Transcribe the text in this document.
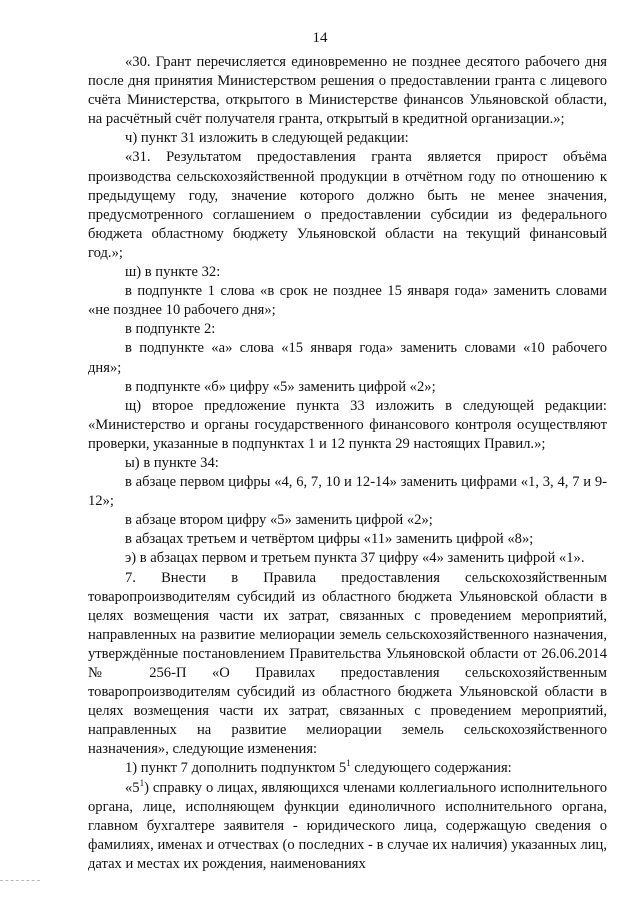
14

«30. Грант перечисляется единовременно не позднее десятого рабочего дня после дня принятия Министерством решения о предоставлении гранта с лицевого счёта Министерства, открытого в Министерстве финансов Ульяновской области, на расчётный счёт получателя гранта, открытый в кредитной организации.»;

ч) пункт 31 изложить в следующей редакции:

«31. Результатом предоставления гранта является прирост объёма производства сельскохозяйственной продукции в отчётном году по отношению к предыдущему году, значение которого должно быть не менее значения, предусмотренного соглашением о предоставлении субсидии из федерального бюджета областному бюджету Ульяновской области на текущий финансовый год.»;

ш) в пункте 32:

в подпункте 1 слова «в срок не позднее 15 января года» заменить словами «не позднее 10 рабочего дня»;

в подпункте 2:

в подпункте «а» слова «15 января года» заменить словами «10 рабочего дня»;

в подпункте «б» цифру «5» заменить цифрой «2»;

щ) второе предложение пункта 33 изложить в следующей редакции: «Министерство и органы государственного финансового контроля осуществляют проверки, указанные в подпунктах 1 и 12 пункта 29 настоящих Правил.»;

ы) в пункте 34:

в абзаце первом цифры «4, 6, 7, 10 и 12-14» заменить цифрами «1, 3, 4, 7 и 9-12»;

в абзаце втором цифру «5» заменить цифрой «2»;

в абзацах третьем и четвёртом цифры «11» заменить цифрой «8»;

э) в абзацах первом и третьем пункта 37 цифру «4» заменить цифрой «1».

7. Внести в Правила предоставления сельскохозяйственным товаропроизводителям субсидий из областного бюджета Ульяновской области в целях возмещения части их затрат, связанных с проведением мероприятий, направленных на развитие мелиорации земель сельскохозяйственного назначения, утверждённые постановлением Правительства Ульяновской области от 26.06.2014 № 256-П «О Правилах предоставления сельскохозяйственным товаропроизводителям субсидий из областного бюджета Ульяновской области в целях возмещения части их затрат, связанных с проведением мероприятий, направленных на развитие мелиорации земель сельскохозяйственного назначения», следующие изменения:

1) пункт 7 дополнить подпунктом $5^1$ следующего содержания:

«$5^1$) справку о лицах, являющихся членами коллегиального исполнительного органа, лице, исполняющем функции единоличного исполнительного органа, главном бухгалтере заявителя - юридического лица, содержащую сведения о фамилиях, именах и отчествах (о последних - в случае их наличия) указанных лиц, датах и местах их рождения, наименованиях
